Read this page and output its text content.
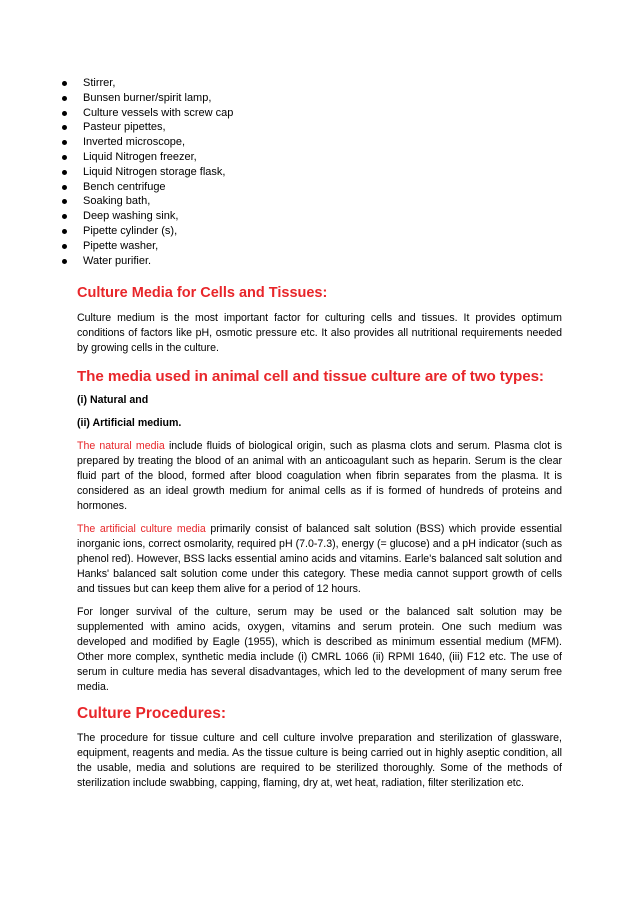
Stirrer,
Bunsen burner/spirit lamp,
Culture vessels with screw cap
Pasteur pipettes,
Inverted microscope,
Liquid Nitrogen freezer,
Liquid Nitrogen storage flask,
Bench centrifuge
Soaking bath,
Deep washing sink,
Pipette cylinder (s),
Pipette washer,
Water purifier.
Culture Media for Cells and Tissues:

Culture medium is the most important factor for culturing cells and tissues. It provides optimum conditions of factors like pH, osmotic pressure etc. It also provides all nutritional requirements needed by growing cells in the culture.

The media used in animal cell and tissue culture are of two types:
(i) Natural and
(ii) Artificial medium.

The natural media include fluids of biological origin, such as plasma clots and serum. Plasma clot is prepared by treating the blood of an animal with an anticoagulant such as heparin. Serum is the clear fluid part of the blood, formed after blood coagulation when fibrin separates from the plasma. It is considered as an ideal growth medium for animal cells as if is formed of hundreds of proteins and hormones.

The artificial culture media primarily consist of balanced salt solution (BSS) which provide essential inorganic ions, correct osmolarity, required pH (7.0-7.3), energy (= glucose) and a pH indicator (such as phenol red). However, BSS lacks essential amino acids and vitamins. Earle's balanced salt solution and Hanks' balanced salt solution come under this category. These media cannot support growth of cells and tissues but can keep them alive for a period of 12 hours.

For longer survival of the culture, serum may be used or the balanced salt solution may be supplemented with amino acids, oxygen, vitamins and serum protein. One such medium was developed and modified by Eagle (1955), which is described as minimum essential medium (MFM). Other more complex, synthetic media include (i) CMRL 1066 (ii) RPMI 1640, (iii) F12 etc. The use of serum in culture media has several disadvantages, which led to the development of many serum free media.

Culture Procedures:

The procedure for tissue culture and cell culture involve preparation and sterilization of glassware, equipment, reagents and media. As the tissue culture is being carried out in highly aseptic condition, all the usable, media and solutions are required to be sterilized thoroughly. Some of the methods of sterilization include swabbing, capping, flaming, dry at, wet heat, radiation, filter sterilization etc.
